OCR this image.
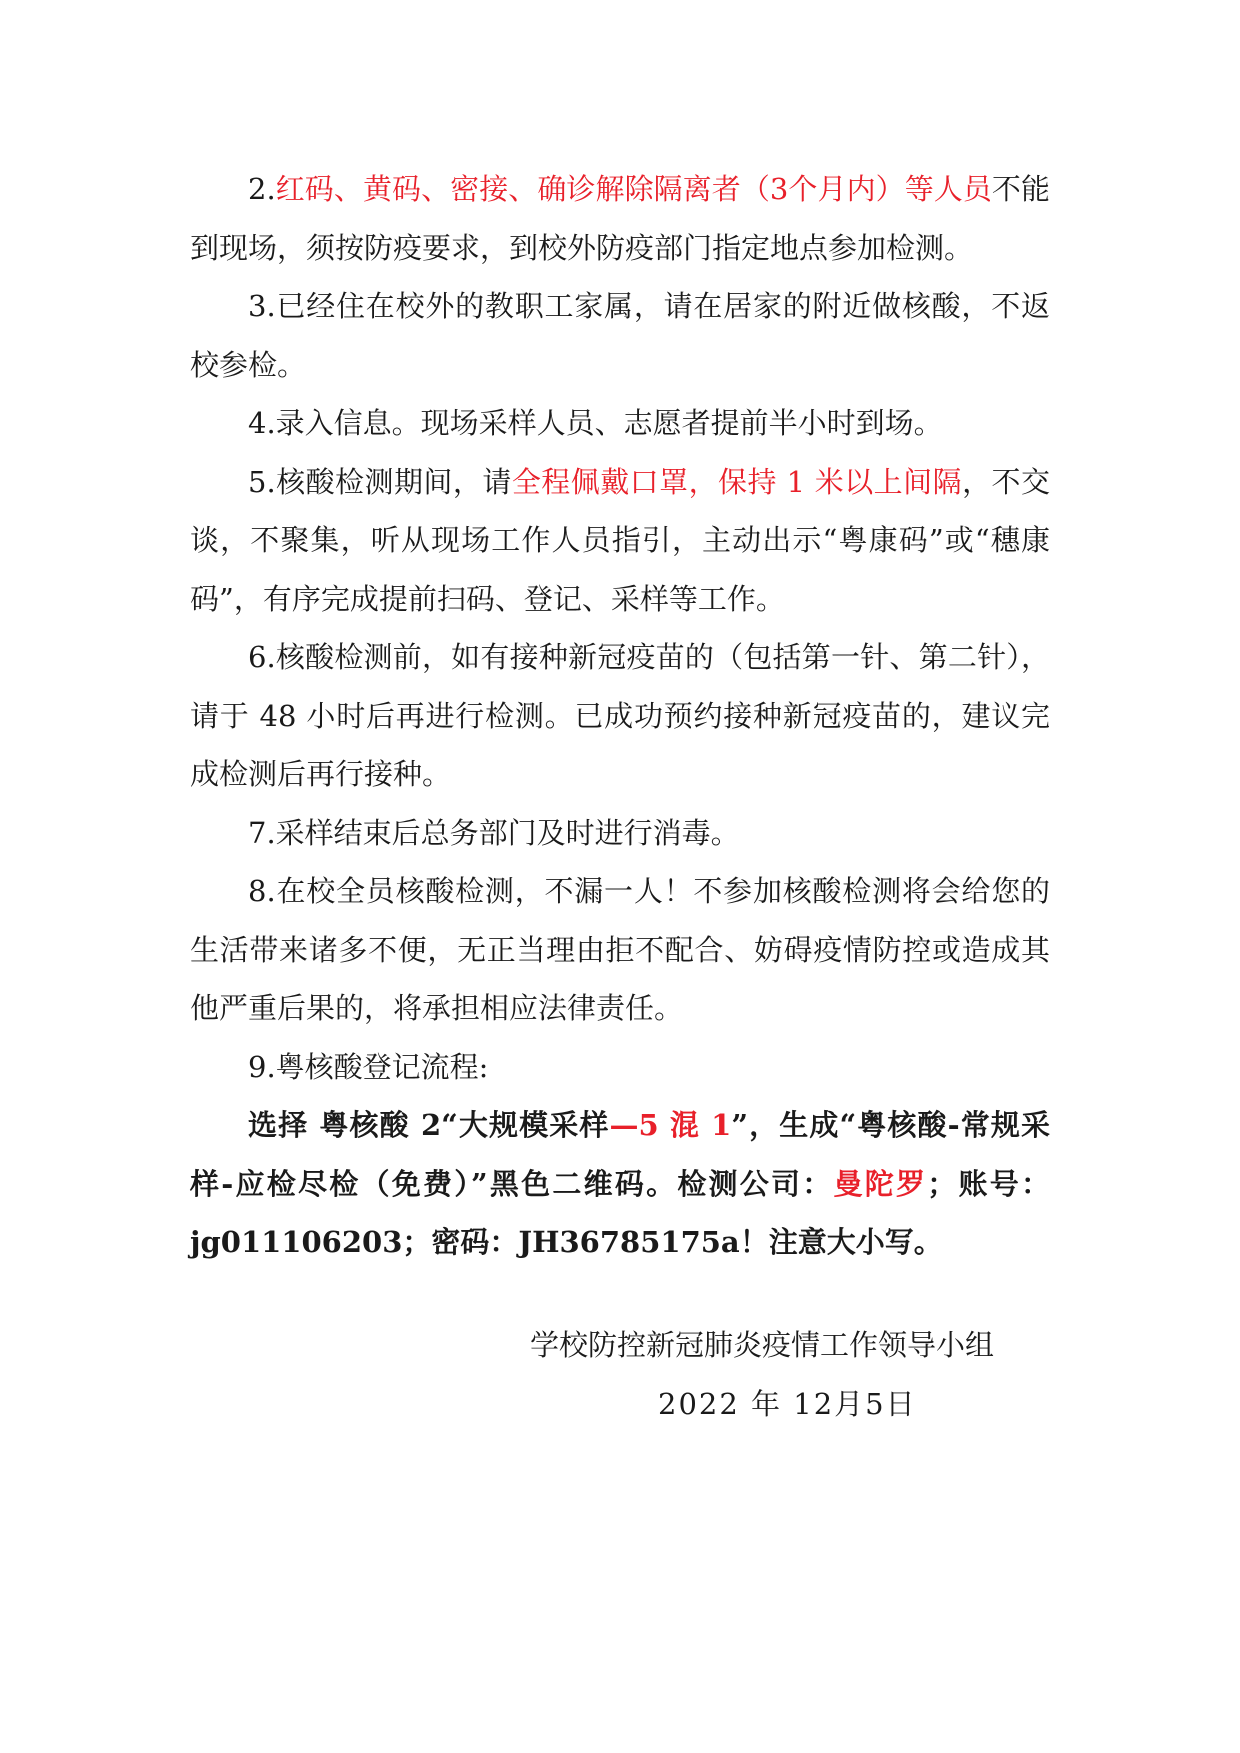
2.红码、黄码、密接、确诊解除隔离者（3个月内）等人员不能到现场，须按防疫要求，到校外防疫部门指定地点参加检测。

3.已经住在校外的教职工家属，请在居家的附近做核酸，不返校参检。

4.录入信息。现场采样人员、志愿者提前半小时到场。

5.核酸检测期间，请全程佩戴口罩，保持 1 米以上间隔，不交谈，不聚集，听从现场工作人员指引，主动出示“粤康码”或“穗康码”，有序完成提前扫码、登记、采样等工作。

6.核酸检测前，如有接种新冠疫苗的（包括第一针、第二针），请于 48 小时后再进行检测。已成功预约接种新冠疫苗的，建议完成检测后再行接种。

7.采样结束后总务部门及时进行消毒。

8.在校全员核酸检测，不漏一人！不参加核酸检测将会给您的生活带来诸多不便，无正当理由拒不配合、妨碍疫情防控或造成其他严重后果的，将承担相应法律责任。

9.粤核酸登记流程:

选择 粤核酸 2“大规模采样—5 混 1”，生成“粤核酸-常规采样-应检尽检（免费）”黑色二维码。检测公司：曼陀罗；账号：jg011106203；密码：JH36785175a！注意大小写。

学校防控新冠肺炎疫情工作领导小组
2022 年 12月5日
